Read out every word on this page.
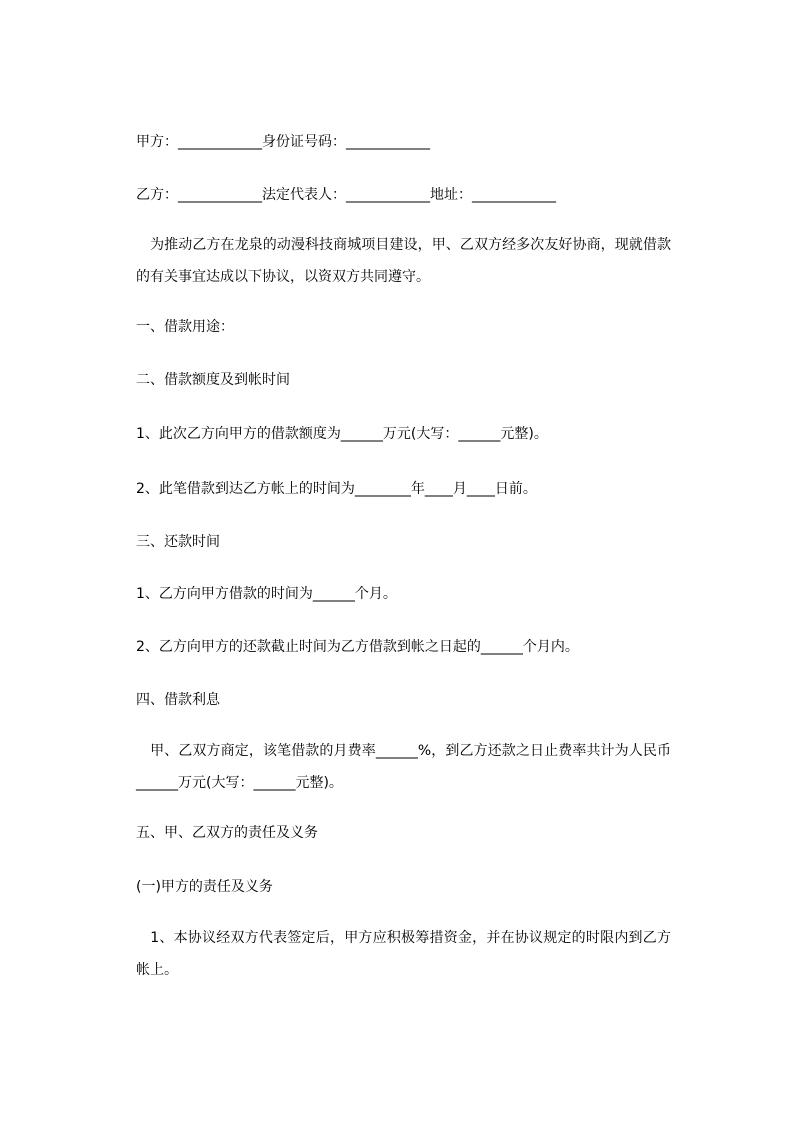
甲方：____________身份证号码：____________
乙方：____________法定代表人：____________地址：____________
　为推动乙方在龙泉的动漫科技商城项目建设，甲、乙双方经多次友好协商，现就借款的有关事宜达成以下协议，以资双方共同遵守。
一、借款用途：
二、借款额度及到帐时间
1、此次乙方向甲方的借款额度为______万元(大写：______元整)。
2、此笔借款到达乙方帐上的时间为________年____月____日前。
三、还款时间
1、乙方向甲方借款的时间为______个月。
2、乙方向甲方的还款截止时间为乙方借款到帐之日起的______个月内。
四、借款利息
　甲、乙双方商定，该笔借款的月费率______%，到乙方还款之日止费率共计为人民币______万元(大写：______元整)。
五、甲、乙双方的责任及义务
(一)甲方的责任及义务
　1、本协议经双方代表签定后，甲方应积极筹措资金，并在协议规定的时限内到乙方帐上。
